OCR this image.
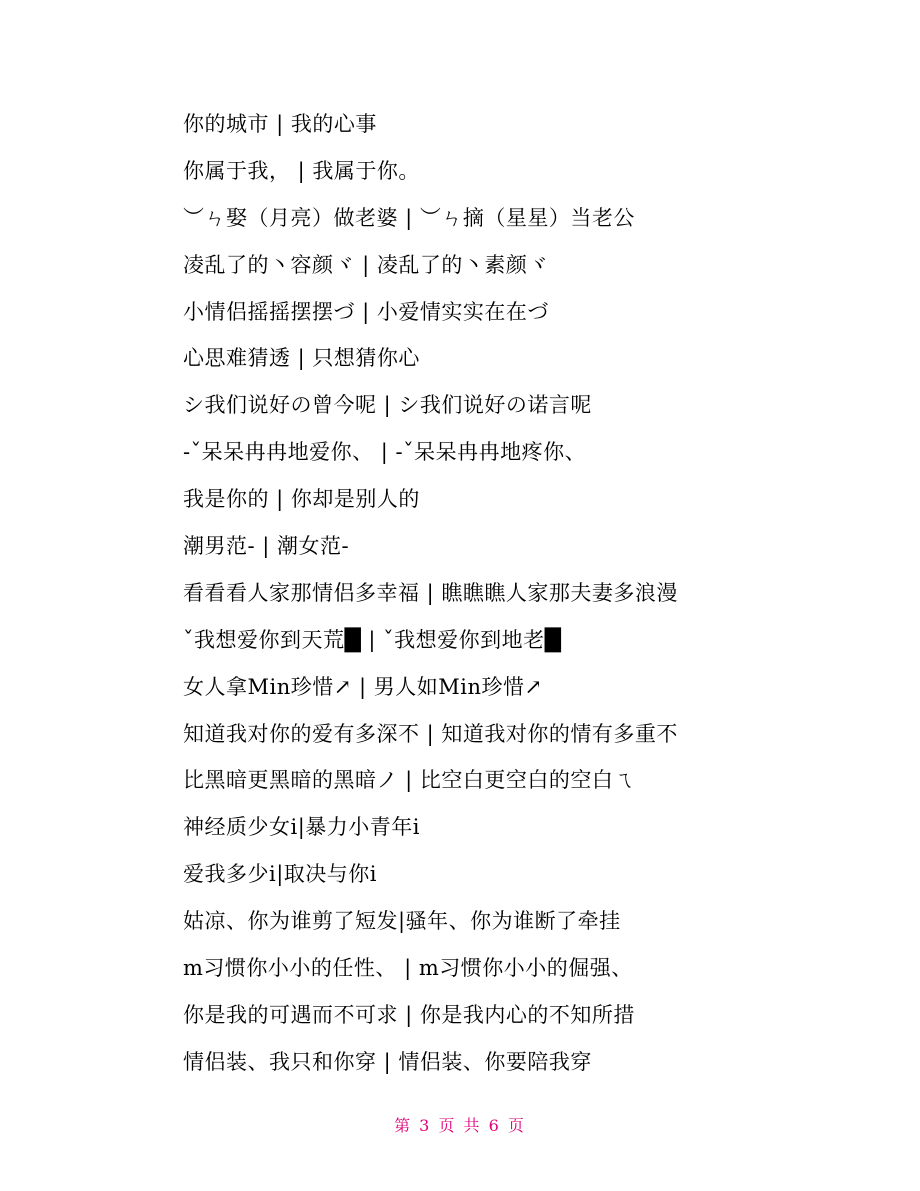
你的城市 | 我的心事
你属于我， | 我属于你。
︶ㄣ娶（月亮）做老婆 | ︶ㄣ摘（星星）当老公
凌乱了的丶容颜ヾ | 凌乱了的丶素颜ヾ
小情侣摇摇摆摆づ | 小爱情实实在在づ
心思难猜透 | 只想猜你心
シ我们说好の曾今呢 | シ我们说好の诺言呢
-ˇ呆呆冉冉地爱你、 | -ˇ呆呆冉冉地疼你、
我是你的 | 你却是别人的
潮男范- | 潮女范-
看看看人家那情侣多幸福 | 瞧瞧瞧人家那夫妻多浪漫
ˇ我想爱你到天荒█ | ˇ我想爱你到地老█
女人拿Min珍惜↗ | 男人如Min珍惜↗
知道我对你的爱有多深不 | 知道我对你的情有多重不
比黑暗更黑暗的黑暗ノ | 比空白更空白的空白ㄟ
神经质少女i|暴力小青年i
爱我多少i|取决与你i
姑凉、你为谁剪了短发|骚年、你为谁断了牵挂
m习惯你小小的任性、 | m习惯你小小的倔强、
你是我的可遇而不可求 | 你是我内心的不知所措
情侣装、我只和你穿 | 情侣装、你要陪我穿
第 3 页 共 6 页
